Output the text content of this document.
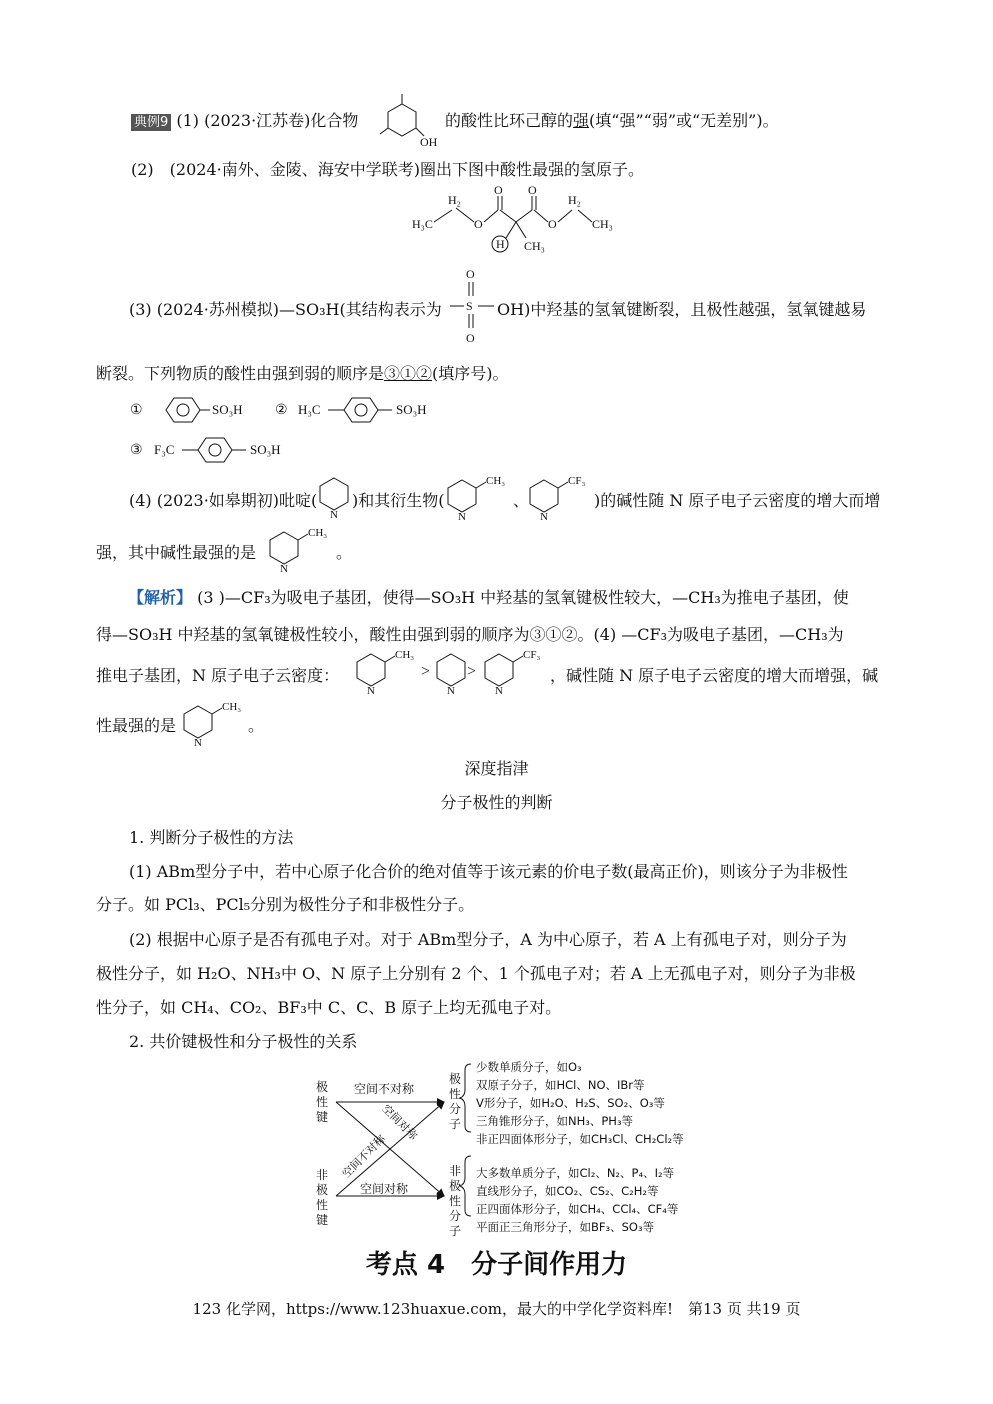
典例9 (1) (2023·江苏卷)化合物
OH
的酸性比环己醇的强(填“强”“弱”或“无差别”)。
(2)　(2024·南外、金陵、海安中学联考)圈出下图中酸性最强的氢原子。
H₂
H₃C	O
O O
O
H₂
CH₃
H CH₃
(3) (2024·苏州模拟)—SO₃H(其结构表示为
O
S
O
OH)中羟基的氢氧键断裂，且极性越强，氢氧键越易
断裂。下列物质的酸性由强到弱的顺序是③①②(填序号)。
①	SO₃H ② H₃C	SO₃H
③ F₃C	SO₃H
(4) (2023·如皋期初)吡啶(
N
)和其衍生物(
CH₃
N
、
CF₃
N
)的碱性随 N 原子电子云密度的增大而增
强，其中碱性最强的是
CH₃
N
。
【解析】 (3 )—CF₃为吸电子基团，使得—SO₃H 中羟基的氢氧键极性较大，—CH₃为推电子基团，使
得—SO₃H 中羟基的氢氧键极性较小，酸性由强到弱的顺序为③①②。(4) —CF₃为吸电子基团，—CH₃为
推电子基团，N 原子电子云密度：
CH₃
N
>
N
>
CF₃
N
，碱性随 N 原子电子云密度的增大而增强，碱
性最强的是
CH₃
N
。
深度指津
分子极性的判断
1. 判断分子极性的方法
(1) ABm型分子中，若中心原子化合价的绝对值等于该元素的价电子数(最高正价)，则该分子为非极性
分子。如 PCl₃、PCl₅分别为极性分子和非极性分子。
(2) 根据中心原子是否有孤电子对。对于 ABm型分子，A 为中心原子，若 A 上有孤电子对，则分子为
极性分子，如 H₂O、NH₃中 O、N 原子上分别有 2 个、1 个孤电子对；若 A 上无孤电子对，则分子为非极
性分子，如 CH₄、CO₂、BF₃中 C、C、B 原子上均无孤电子对。
2. 共价键极性和分子极性的关系
极性键
非极性键
极性分子
非极性分子
空间不对称
空间对称
空间对称
空间不对称
少数单质分子，如O₃
双原子分子，如HCl、NO、IBr等
V形分子，如H₂O、H₂S、SO₂、O₃等
三角锥形分子，如NH₃、PH₃等
非正四面体形分子，如CH₃Cl、CH₂Cl₂等
大多数单质分子，如Cl₂、N₂、P₄、I₂等
直线形分子，如CO₂、CS₂、C₂H₂等
正四面体形分子，如CH₄、CCl₄、CF₄等
平面正三角形分子，如BF₃、SO₃等
考点 4　分子间作用力
123 化学网，https://www.123huaxue.com，最大的中学化学资料库!　第13 页 共19 页
